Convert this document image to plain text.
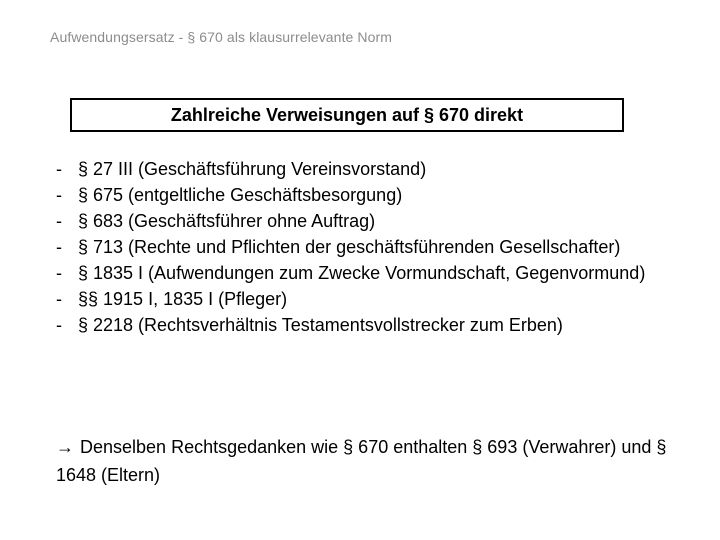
Aufwendungsersatz - § 670 als klausurrelevante Norm
Zahlreiche Verweisungen auf § 670 direkt
- § 27 III (Geschäftsführung Vereinsvorstand)
- § 675 (entgeltliche Geschäftsbesorgung)
- § 683 (Geschäftsführer ohne Auftrag)
- § 713 (Rechte und Pflichten der geschäftsführenden Gesellschafter)
- § 1835 I (Aufwendungen zum Zwecke Vormundschaft, Gegenvormund)
- §§ 1915 I, 1835 I (Pfleger)
- § 2218 (Rechtsverhältnis Testamentsvollstrecker zum Erben)
→ Denselben Rechtsgedanken wie § 670 enthalten § 693 (Verwahrer) und § 1648 (Eltern)
